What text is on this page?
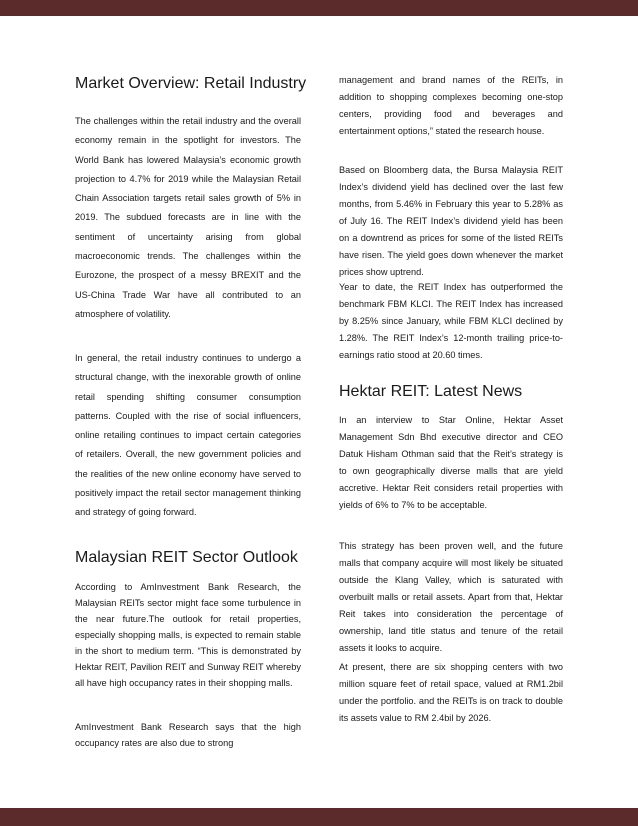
Market Overview: Retail Industry

The challenges within the retail industry and the overall economy remain in the spotlight for investors. The World Bank has lowered Malaysia’s economic growth projection to 4.7% for 2019 while the Malaysian Retail Chain Association targets retail sales growth of 5% in 2019. The subdued forecasts are in line with the sentiment of uncertainty arising from global macroeconomic trends. The challenges within the Eurozone, the prospect of a messy BREXIT and the US-China Trade War have all contributed to an atmosphere of volatility.

In general, the retail industry continues to undergo a structural change, with the inexorable growth of online retail spending shifting consumer consumption patterns. Coupled with the rise of social influencers, online retailing continues to impact certain categories of retailers. Overall, the new government policies and the realities of the new online economy have served to positively impact the retail sector management thinking and strategy of going forward.

Malaysian REIT Sector Outlook

According to AmInvestment Bank Research, the Malaysian REITs sector might face some turbulence in the near future.The outlook for retail properties, especially shopping malls, is expected to remain stable in the short to medium term. “This is demonstrated by Hektar REIT, Pavilion REIT and Sunway REIT whereby all have high occupancy rates in their shopping malls.

AmInvestment Bank Research says that the high occupancy rates are also due to strong

management and brand names of the REITs, in addition to shopping complexes becoming one-stop centers, providing food and beverages and entertainment options,” stated the research house.

Based on Bloomberg data, the Bursa Malaysia REIT Index’s dividend yield has declined over the last few months, from 5.46% in February this year to 5.28% as of July 16. The REIT Index’s dividend yield has been on a downtrend as prices for some of the listed REITs have risen. The yield goes down whenever the market prices show uptrend.

Year to date, the REIT Index has outperformed the benchmark FBM KLCI. The REIT Index has increased by 8.25% since January, while FBM KLCI declined by 1.28%. The REIT Index’s 12-month trailing price-to-earnings ratio stood at 20.60 times.

Hektar REIT: Latest News

In an interview to Star Online, Hektar Asset Management Sdn Bhd executive director and CEO Datuk Hisham Othman said that the Reit’s strategy is to own geographically diverse malls that are yield accretive. Hektar Reit considers retail properties with yields of 6% to 7% to be acceptable.

This strategy has been proven well, and the future malls that company acquire will most likely be situated outside the Klang Valley, which is saturated with overbuilt malls or retail assets. Apart from that, Hektar Reit takes into consideration the percentage of ownership, land title status and tenure of the retail assets it looks to acquire.

At present, there are six shopping centers with two million square feet of retail space, valued at RM1.2bil under the portfolio. and the REITs is on track to double its assets value to RM 2.4bil by 2026.
